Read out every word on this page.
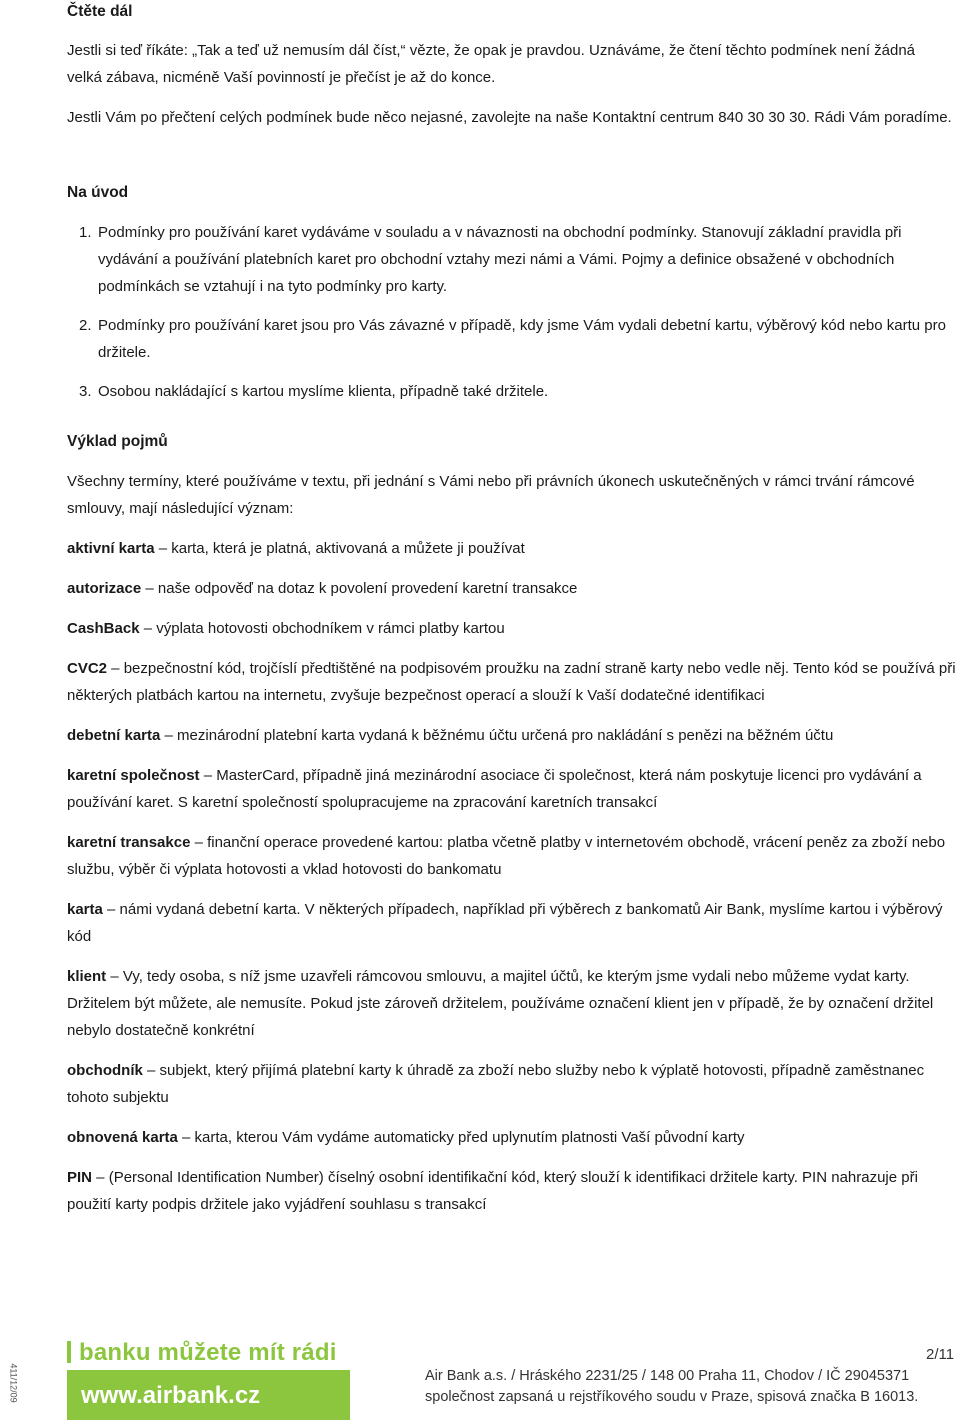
Čtěte dál
Jestli si teď říkáte: „Tak a teď už nemusím dál číst,“ vězte, že opak je pravdou. Uznáváme, že čtení těchto podmínek není žádná velká zábava, nicméně Vaší povinností je přečíst je až do konce.
Jestli Vám po přečtení celých podmínek bude něco nejasné, zavolejte na naše Kontaktní centrum 840 30 30 30. Rádi Vám poradíme.
Na úvod
1. Podmínky pro používání karet vydáváme v souladu a v návaznosti na obchodní podmínky. Stanovují základní pravidla při vydávání a používání platebních karet pro obchodní vztahy mezi námi a Vámi. Pojmy a definice obsažené v obchodních podmínkách se vztahují i na tyto podmínky pro karty.
2. Podmínky pro používání karet jsou pro Vás závazné v případě, kdy jsme Vám vydali debetní kartu, výběrový kód nebo kartu pro držitele.
3. Osobou nakládající s kartou myslíme klienta, případně také držitele.
Výklad pojmů
Všechny termíny, které používáme v textu, při jednání s Vámi nebo při právních úkonech uskutečněných v rámci trvání rámcové smlouvy, mají následující význam:
aktivní karta – karta, která je platná, aktivovaná a můžete ji používat
autorizace – naše odpověď na dotaz k povolení provedení karetní transakce
CashBack – výplata hotovosti obchodníkem v rámci platby kartou
CVC2 – bezpečnostní kód, trojčíslí předtištěné na podpisovém proužku na zadní straně karty nebo vedle něj. Tento kód se používá při některých platbách kartou na internetu, zvyšuje bezpečnost operací a slouží k Vaší dodatečné identifikaci
debetní karta – mezinárodní platební karta vydaná k běžnému účtu určená pro nakládání s penězi na běžném účtu
karetní společnost – MasterCard, případně jiná mezinárodní asociace či společnost, která nám poskytuje licenci pro vydávání a používání karet. S karetní společností spolupracujeme na zpracování karetních transakcí
karetní transakce – finanční operace provedené kartou: platba včetně platby v internetovém obchodě, vrácení peněz za zboží nebo službu, výběr či výplata hotovosti a vklad hotovosti do bankomatu
karta – námi vydaná debetní karta. V některých případech, například při výběrech z bankomatů Air Bank, myslíme kartou i výběrový kód
klient – Vy, tedy osoba, s níž jsme uzavřeli rámcovou smlouvu, a majitel účtů, ke kterým jsme vydali nebo můžeme vydat karty. Držitelem být můžete, ale nemusíte. Pokud jste zároveň držitelem, používáme označení klient jen v případě, že by označení držitel nebylo dostatečně konkrétní
obchodník – subjekt, který přijímá platební karty k úhradě za zboží nebo služby nebo k výplatě hotovosti, případně zaměstnanec tohoto subjektu
obnovená karta – karta, kterou Vám vydáme automaticky před uplynutím platnosti Vaší původní karty
PIN – (Personal Identification Number) číselný osobní identifikační kód, který slouží k identifikaci držitele karty. PIN nahrazuje při použití karty podpis držitele jako vyjádření souhlasu s transakcí
411/12/09
banku můžete mít rádi
www.airbank.cz
2/11
Air Bank a.s. / Hráského 2231/25 / 148 00 Praha 11, Chodov / IČ 29045371
společnost zapsaná u rejstříkového soudu v Praze, spisová značka B 16013.
